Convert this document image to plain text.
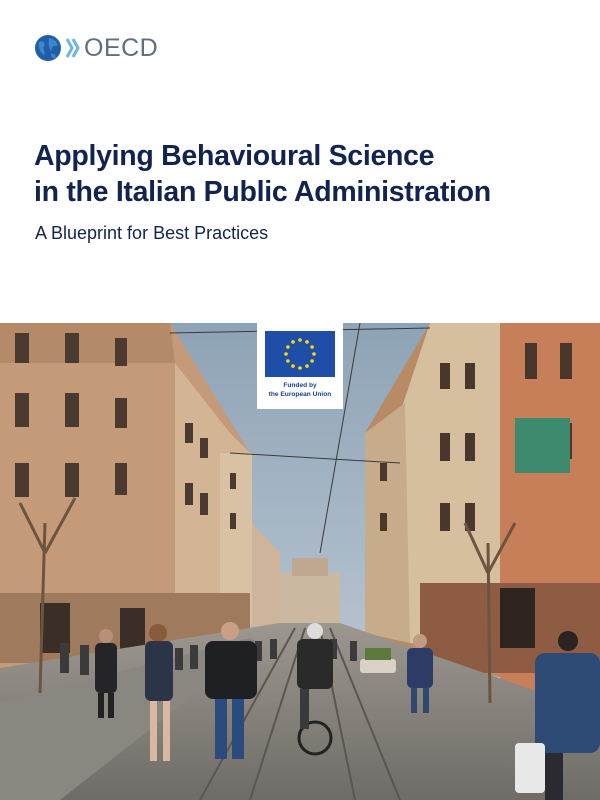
OECD
Applying Behavioural Science
in the Italian Public Administration
A Blueprint for Best Practices
Funded by
the European Union
